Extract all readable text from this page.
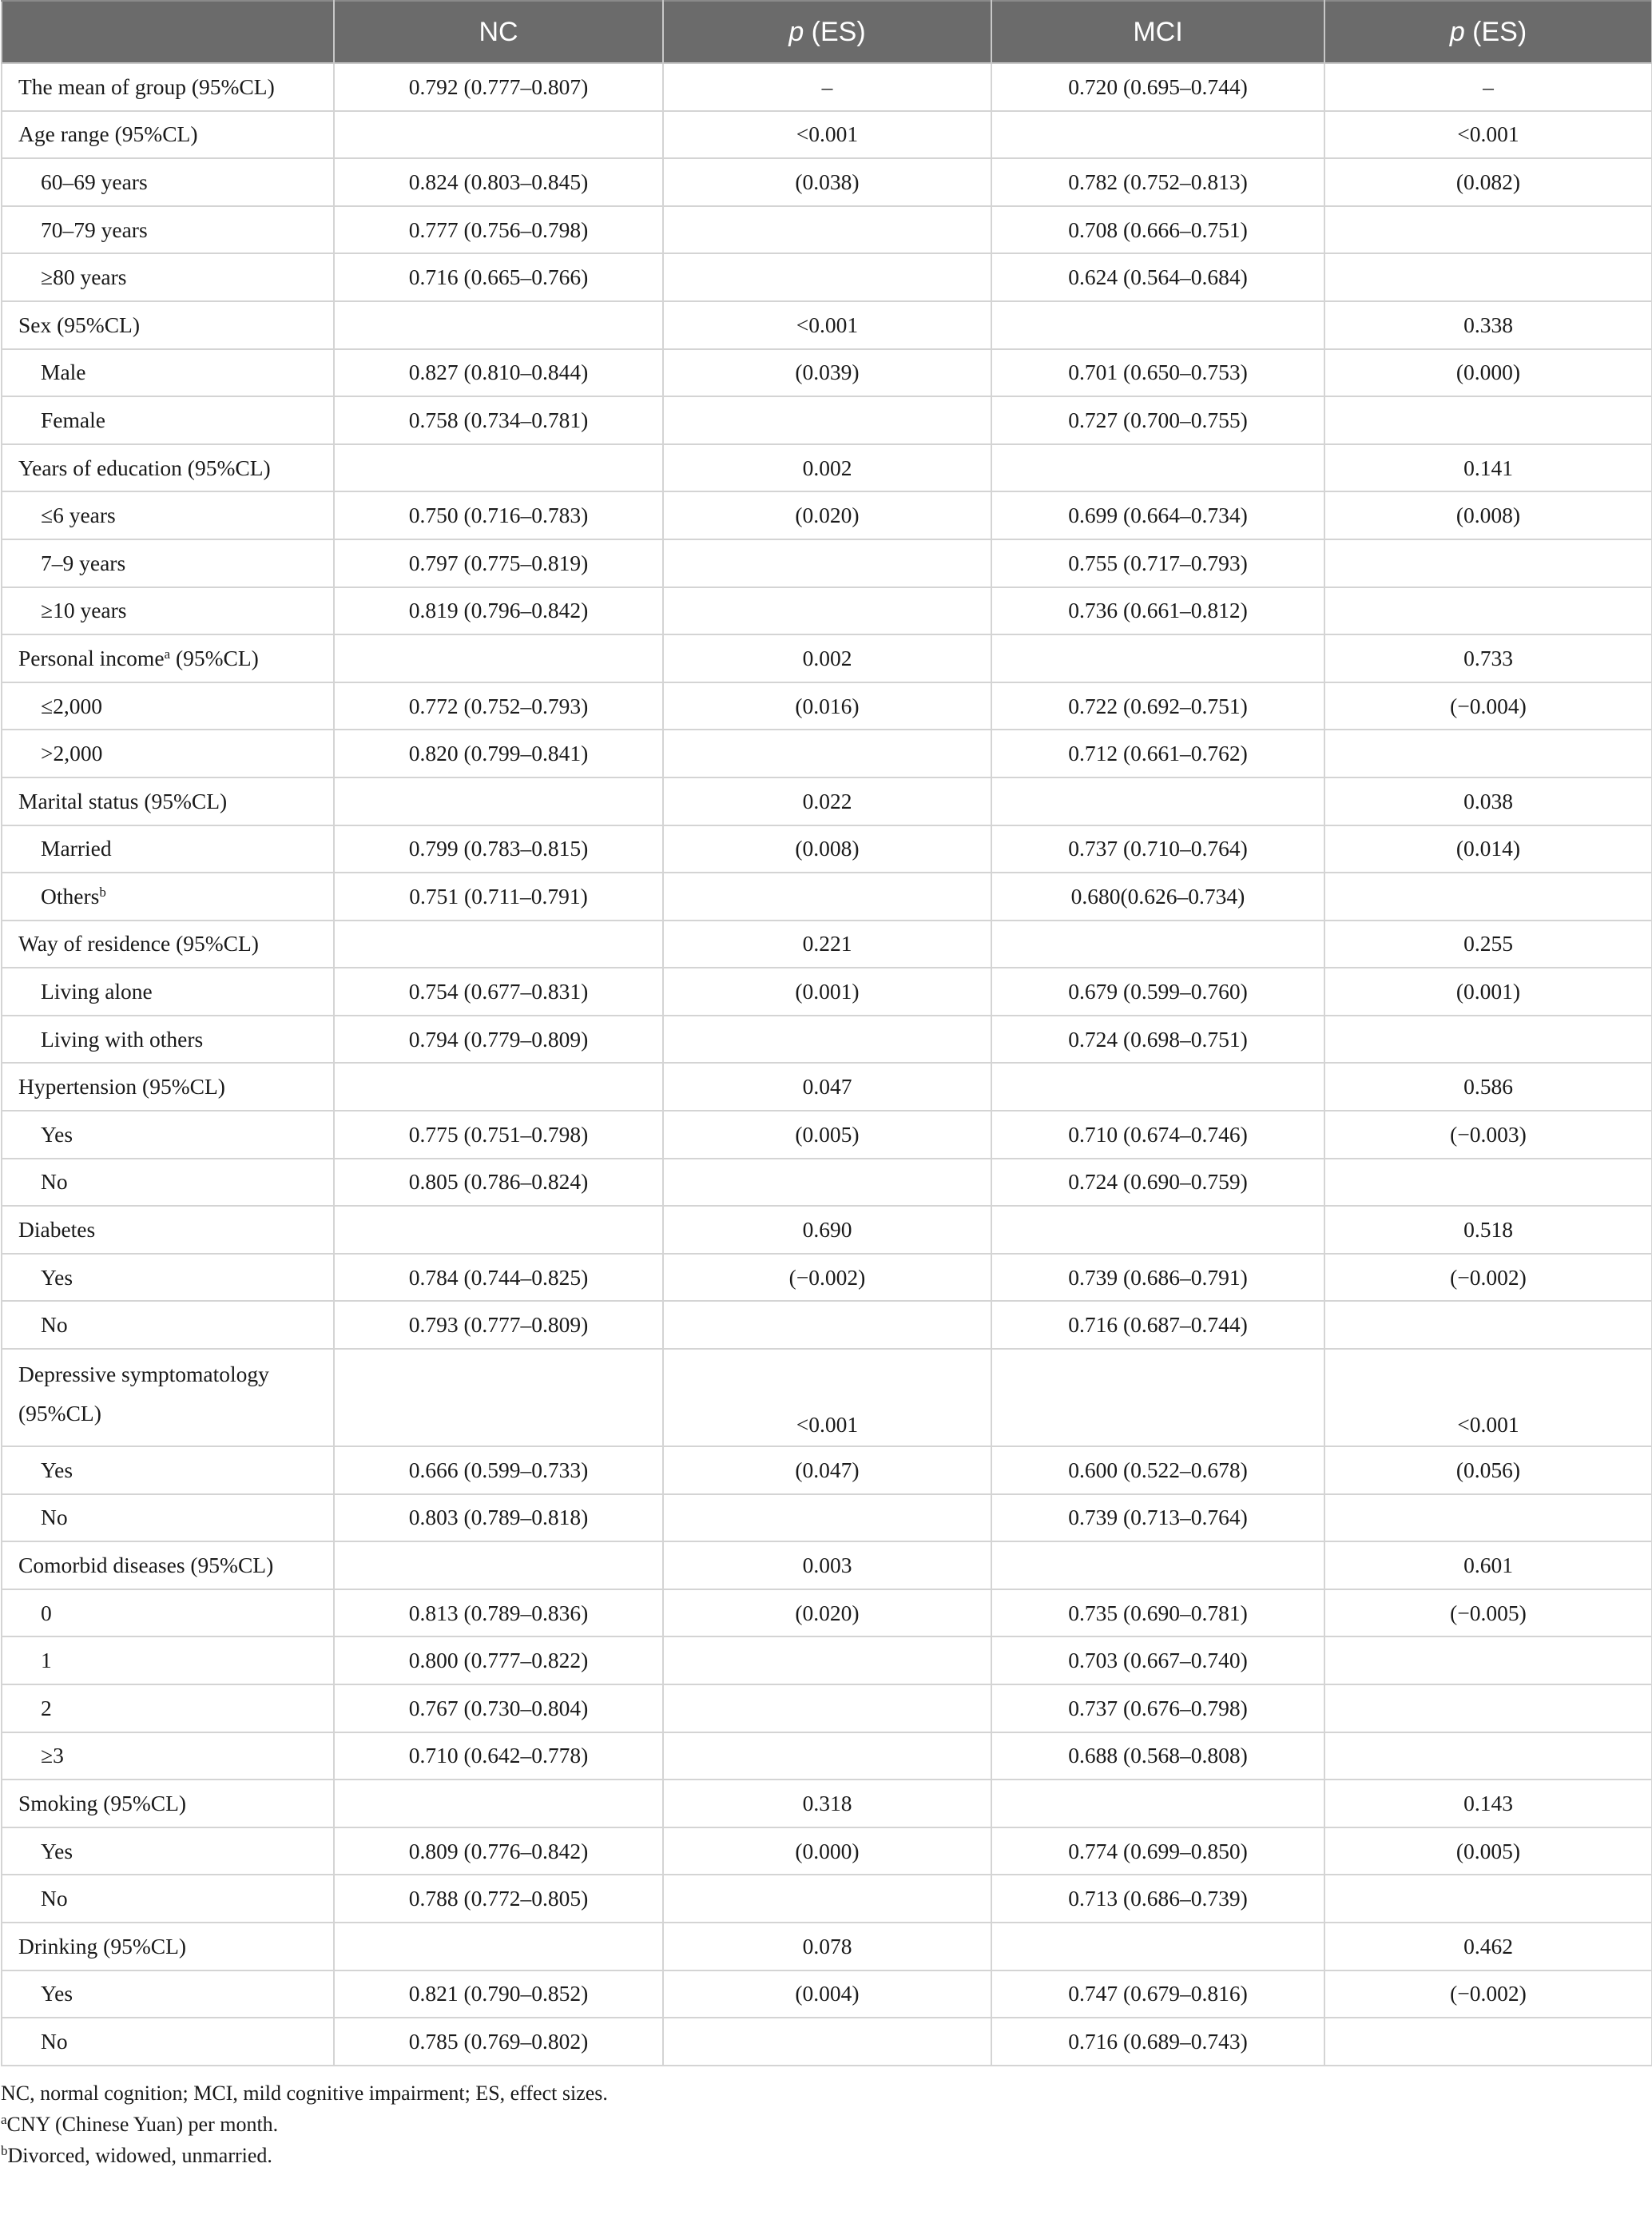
	NC	p (ES)	MCI	p (ES)
The mean of group (95%CL)	0.792 (0.777–0.807)	–	0.720 (0.695–0.744)	–
Age range (95%CL)		<0.001		<0.001
60–69 years	0.824 (0.803–0.845)	(0.038)	0.782 (0.752–0.813)	(0.082)
70–79 years	0.777 (0.756–0.798)		0.708 (0.666–0.751)	
≥80 years	0.716 (0.665–0.766)		0.624 (0.564–0.684)	
Sex (95%CL)		<0.001		0.338
Male	0.827 (0.810–0.844)	(0.039)	0.701 (0.650–0.753)	(0.000)
Female	0.758 (0.734–0.781)		0.727 (0.700–0.755)	
Years of education (95%CL)		0.002		0.141
≤6 years	0.750 (0.716–0.783)	(0.020)	0.699 (0.664–0.734)	(0.008)
7–9 years	0.797 (0.775–0.819)		0.755 (0.717–0.793)	
≥10 years	0.819 (0.796–0.842)		0.736 (0.661–0.812)	
Personal income$^a$ (95%CL)		0.002		0.733
≤2,000	0.772 (0.752–0.793)	(0.016)	0.722 (0.692–0.751)	(−0.004)
>2,000	0.820 (0.799–0.841)		0.712 (0.661–0.762)	
Marital status (95%CL)		0.022		0.038
Married	0.799 (0.783–0.815)	(0.008)	0.737 (0.710–0.764)	(0.014)
Others$^b$	0.751 (0.711–0.791)		0.680(0.626–0.734)	
Way of residence (95%CL)		0.221		0.255
Living alone	0.754 (0.677–0.831)	(0.001)	0.679 (0.599–0.760)	(0.001)
Living with others	0.794 (0.779–0.809)		0.724 (0.698–0.751)	
Hypertension (95%CL)		0.047		0.586
Yes	0.775 (0.751–0.798)	(0.005)	0.710 (0.674–0.746)	(−0.003)
No	0.805 (0.786–0.824)		0.724 (0.690–0.759)	
Diabetes		0.690		0.518
Yes	0.784 (0.744–0.825)	(−0.002)	0.739 (0.686–0.791)	(−0.002)
No	0.793 (0.777–0.809)		0.716 (0.687–0.744)	
Depressive symptomatology (95%CL)		<0.001		<0.001
Yes	0.666 (0.599–0.733)	(0.047)	0.600 (0.522–0.678)	(0.056)
No	0.803 (0.789–0.818)		0.739 (0.713–0.764)	
Comorbid diseases (95%CL)		0.003		0.601
0	0.813 (0.789–0.836)	(0.020)	0.735 (0.690–0.781)	(−0.005)
1	0.800 (0.777–0.822)		0.703 (0.667–0.740)	
2	0.767 (0.730–0.804)		0.737 (0.676–0.798)	
≥3	0.710 (0.642–0.778)		0.688 (0.568–0.808)	
Smoking (95%CL)		0.318		0.143
Yes	0.809 (0.776–0.842)	(0.000)	0.774 (0.699–0.850)	(0.005)
No	0.788 (0.772–0.805)		0.713 (0.686–0.739)	
Drinking (95%CL)		0.078		0.462
Yes	0.821 (0.790–0.852)	(0.004)	0.747 (0.679–0.816)	(−0.002)
No	0.785 (0.769–0.802)		0.716 (0.689–0.743)	
NC, normal cognition; MCI, mild cognitive impairment; ES, effect sizes.
$^a$CNY (Chinese Yuan) per month.
$^b$Divorced, widowed, unmarried.
